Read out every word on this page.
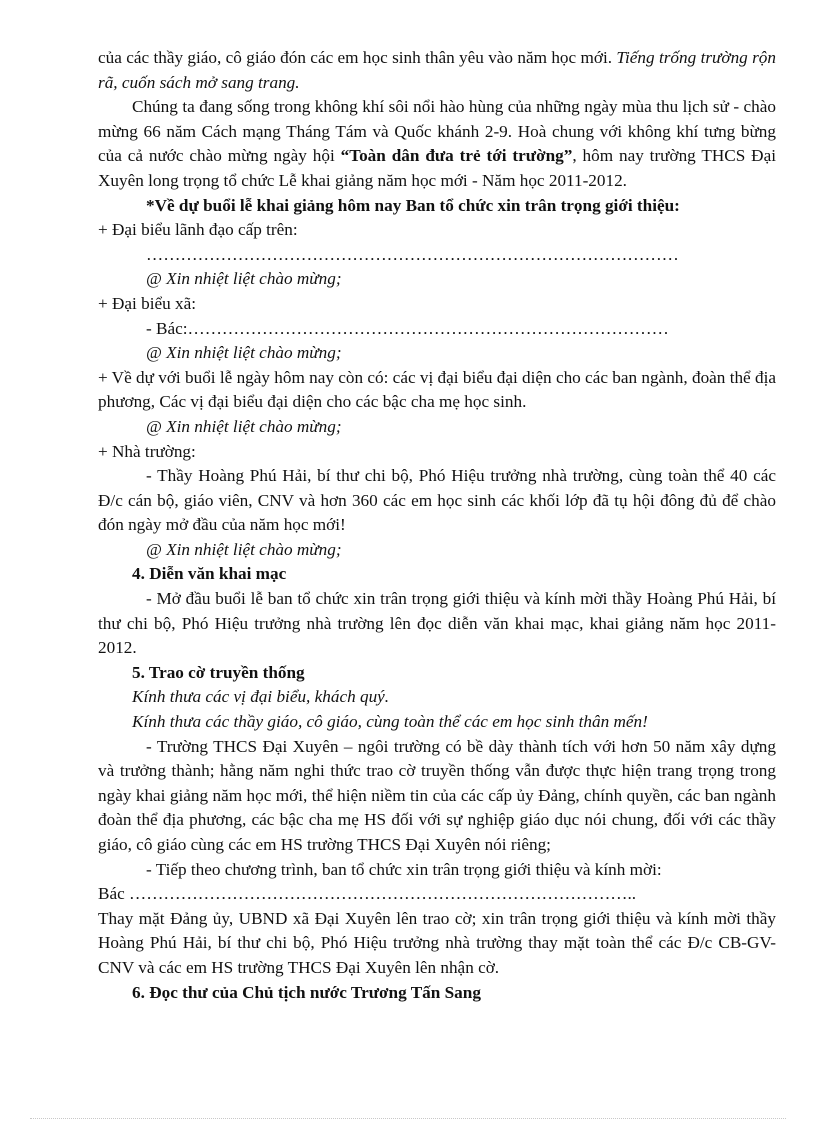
của các thầy giáo, cô giáo đón các em học sinh thân yêu vào năm học mới. Tiếng trống trường rộn rã, cuốn sách mở sang trang.

Chúng ta đang sống trong không khí sôi nổi hào hùng của những ngày mùa thu lịch sử - chào mừng 66 năm Cách mạng Tháng Tám và Quốc khánh 2-9. Hoà chung với không khí tưng bừng của cả nước chào mừng ngày hội “Toàn dân đưa trẻ tới trường”, hôm nay trường THCS Đại Xuyên long trọng tổ chức Lễ khai giảng năm học mới - Năm học 2011-2012.

*Về dự buổi lễ khai giảng hôm nay Ban tổ chức xin trân trọng giới thiệu:

+ Đại biểu lãnh đạo cấp trên:

…………………………………………………………………………………

@ Xin nhiệt liệt chào mừng;

+ Đại biểu xã:

- Bác:…………………………………………………………………………

@ Xin nhiệt liệt chào mừng;

+ Về dự với buổi lễ ngày hôm nay còn có: các vị đại biểu đại diện cho các ban ngành, đoàn thể địa phương, Các vị đại biểu đại diện cho các bậc cha mẹ học sinh.

@ Xin nhiệt liệt chào mừng;

+ Nhà trường:

- Thầy Hoàng Phú Hải, bí thư chi bộ, Phó Hiệu trưởng nhà trường, cùng toàn thể 40 các Đ/c cán bộ, giáo viên, CNV và hơn 360 các em học sinh các khối lớp đã tụ hội đông đủ để chào đón ngày mở đầu của năm học mới!

@ Xin nhiệt liệt chào mừng;

4. Diễn văn khai mạc

- Mở đầu buổi lễ ban tổ chức xin trân trọng giới thiệu và kính mời thầy Hoàng Phú Hải, bí thư chi bộ, Phó Hiệu trưởng nhà trường lên đọc diễn văn khai mạc, khai giảng năm học 2011-2012.

5. Trao cờ truyền thống

Kính thưa các vị đại biểu, khách quý.

Kính thưa các thầy giáo, cô giáo, cùng toàn thể các em học sinh thân mến!

- Trường THCS Đại Xuyên – ngôi trường có bề dày thành tích với hơn 50 năm xây dựng và trưởng thành; hằng năm nghi thức trao cờ truyền thống vẫn được thực hiện trang trọng trong ngày khai giảng năm học mới, thể hiện niềm tin của các cấp ủy Đảng, chính quyền, các ban ngành đoàn thể địa phương, các bậc cha mẹ HS đối với sự nghiệp giáo dục nói chung, đối với các thầy giáo, cô giáo cùng các em HS trường THCS Đại Xuyên nói riêng;

- Tiếp theo chương trình, ban tổ chức xin trân trọng giới thiệu và kính mời:

Bác ……………………………………………………………………………..

Thay mặt Đảng ủy, UBND xã Đại Xuyên lên trao cờ; xin trân trọng giới thiệu và kính mời thầy Hoàng Phú Hải, bí thư chi bộ, Phó Hiệu trưởng nhà trường thay mặt toàn thể các Đ/c CB-GV-CNV và các em HS trường THCS Đại Xuyên lên nhận cờ.

6. Đọc thư của Chủ tịch nước Trương Tấn Sang
